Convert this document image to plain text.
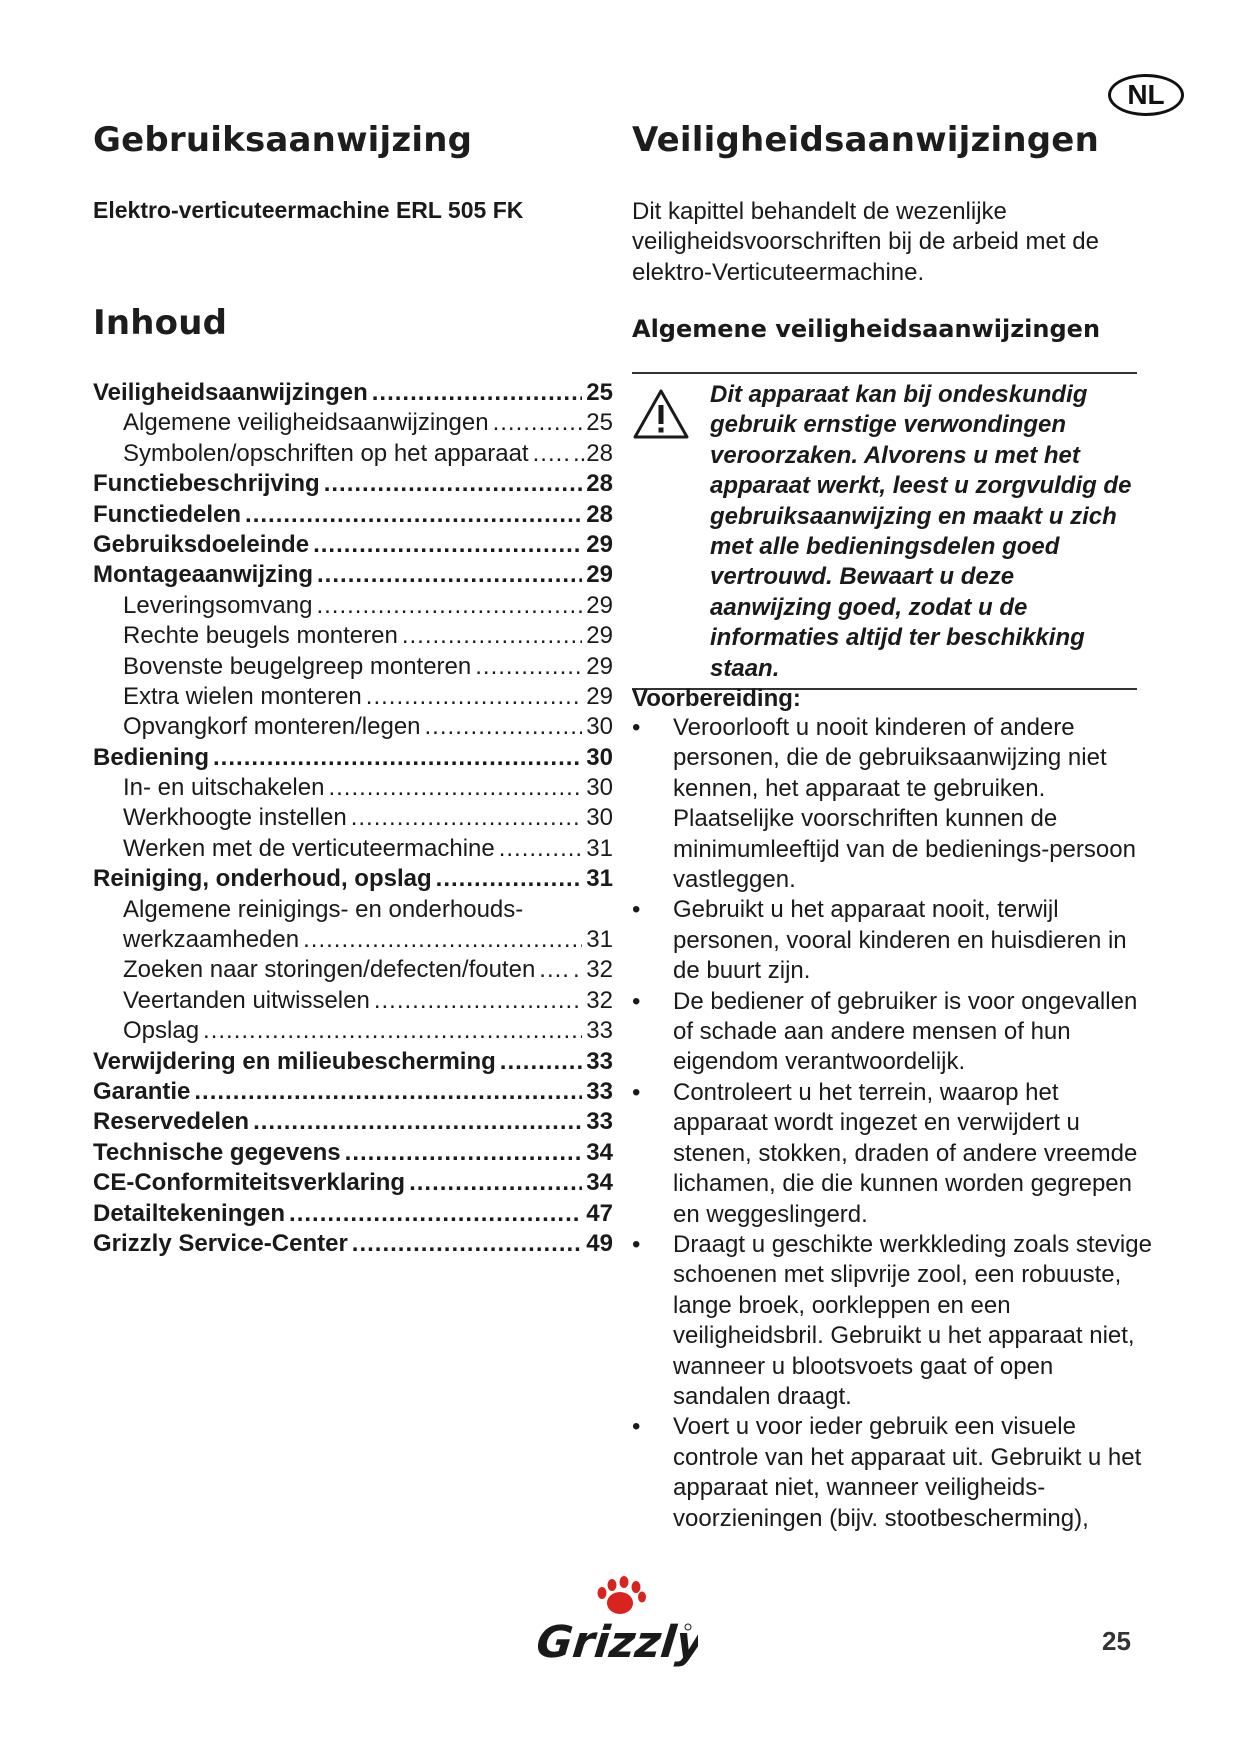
NL
Gebruiksaanwijzing

Elektro-verticuteermachine ERL 505 FK

Inhoud
Veiligheidsaanwijzingen .....	25
Algemene veiligheidsaanwijzingen .....	25
Symbolen/opschriften op het apparaat ..... ..28
Functiebeschrijving .....	28
Functiedelen .....	28
Gebruiksdoeleinde .....	29
Montageaanwijzing .....	29
Leveringsomvang .....	29
Rechte beugels monteren .....	29
Bovenste beugelgreep monteren .....	29
Extra wielen monteren .....	29
Opvangkorf monteren/legen .....	30
Bediening .....	30
In- en uitschakelen .....	30
Werkhoogte instellen .....	30
Werken met de verticuteermachine .....	31
Reiniging, onderhoud, opslag .....	31
Algemene reinigings- en onderhouds-
werkzaamheden .....	31
Zoeken naar storingen/defecten/fouten ..... . 32
Veertanden uitwisselen .....	32
Opslag .....	33
Verwijdering en milieubescherming .....	33
Garantie .....	33
Reservedelen .....	33
Technische gegevens .....	34
CE-Conformiteitsverklaring .....	34
Detailtekeningen .....	47
Grizzly Service-Center .....	49
Veiligheidsaanwijzingen

Dit kapittel behandelt de wezenlijke veiligheidsvoorschriften bij de arbeid met de elektro-Verticuteermachine.

Algemene veiligheidsaanwijzingen

Dit apparaat kan bij ondeskundig gebruik ernstige verwondingen veroorzaken. Alvorens u met het apparaat werkt, leest u zorgvuldig de gebruiksaanwijzing en maakt u zich met alle bedieningsdelen goed vertrouwd. Bewaart u deze aanwijzing goed, zodat u de informaties altijd ter beschikking staan.

Voorbereiding:
• Veroorlooft u nooit kinderen of andere personen, die de gebruiksaanwijzing niet kennen, het apparaat te gebruiken. Plaatselijke voorschriften kunnen de minimumleeftijd van de bedienings-persoon vastleggen.
• Gebruikt u het apparaat nooit, terwijl personen, vooral kinderen en huisdieren in de buurt zijn.
• De bediener of gebruiker is voor ongevallen of schade aan andere mensen of hun eigendom verantwoordelijk.
• Controleert u het terrein, waarop het apparaat wordt ingezet en verwijdert u stenen, stokken, draden of andere vreemde lichamen, die die kunnen worden gegrepen en weggeslingerd.
• Draagt u geschikte werkkleding zoals stevige schoenen met slipvrije zool, een robuuste, lange broek, oorkleppen en een veiligheidsbril. Gebruikt u het apparaat niet, wanneer u blootsvoets gaat of open sandalen draagt.
• Voert u voor ieder gebruik een visuele controle van het apparaat uit. Gebruikt u het apparaat niet, wanneer veiligheids-voorzieningen (bijv. stootbescherming),
Grizzly	25
